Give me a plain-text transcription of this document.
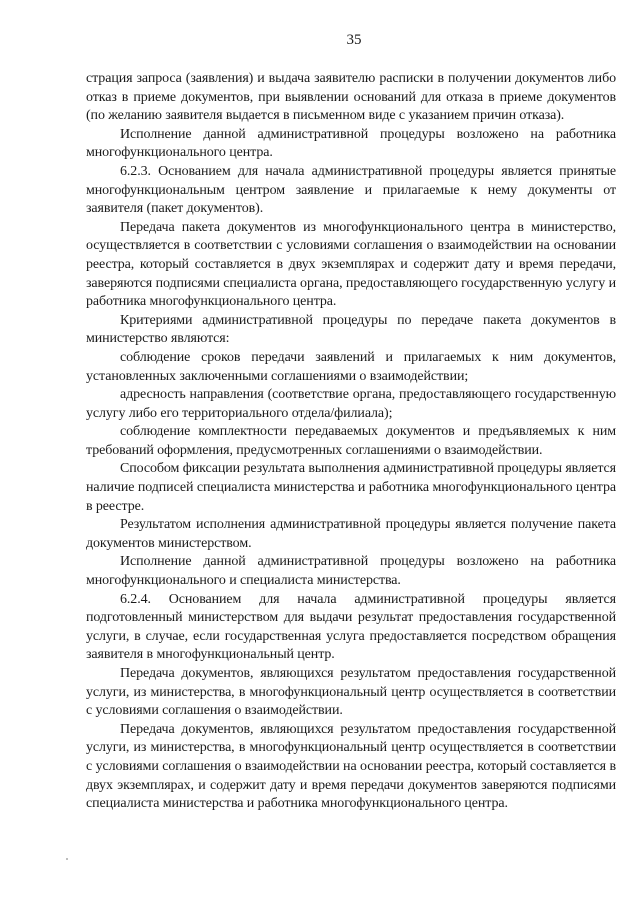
35

страция запроса (заявления) и выдача заявителю расписки в получении документов либо отказ в приеме документов, при выявлении оснований для отказа в приеме документов (по желанию заявителя выдается в письменном виде с указанием причин отказа).

Исполнение данной административной процедуры возложено на работника многофункционального центра.

6.2.3. Основанием для начала административной процедуры является принятые многофункциональным центром заявление и прилагаемые к нему документы от заявителя (пакет документов).

Передача пакета документов из многофункционального центра в министерство, осуществляется в соответствии с условиями соглашения о взаимодействии на основании реестра, который составляется в двух экземплярах и содержит дату и время передачи, заверяются подписями специалиста органа, предоставляющего государственную услугу и работника многофункционального центра.

Критериями административной процедуры по передаче пакета документов в министерство являются:

соблюдение сроков передачи заявлений и прилагаемых к ним документов, установленных заключенными соглашениями о взаимодействии;

адресность направления (соответствие органа, предоставляющего государственную услугу либо его территориального отдела/филиала);

соблюдение комплектности передаваемых документов и предъявляемых к ним требований оформления, предусмотренных соглашениями о взаимодействии.

Способом фиксации результата выполнения административной процедуры является наличие подписей специалиста министерства и работника многофункционального центра в реестре.

Результатом исполнения административной процедуры является получение пакета документов министерством.

Исполнение данной административной процедуры возложено на работника многофункционального и специалиста министерства.

6.2.4. Основанием для начала административной процедуры является подготовленный министерством для выдачи результат предоставления государственной услуги, в случае, если государственная услуга предоставляется посредством обращения заявителя в многофункциональный центр.

Передача документов, являющихся результатом предоставления государственной услуги, из министерства, в многофункциональный центр осуществляется в соответствии с условиями соглашения о взаимодействии.

Передача документов, являющихся результатом предоставления государственной услуги, из министерства, в многофункциональный центр осуществляется в соответствии с условиями соглашения о взаимодействии на основании реестра, который составляется в двух экземплярах, и содержит дату и время передачи документов заверяются подписями специалиста министерства и работника многофункционального центра.
